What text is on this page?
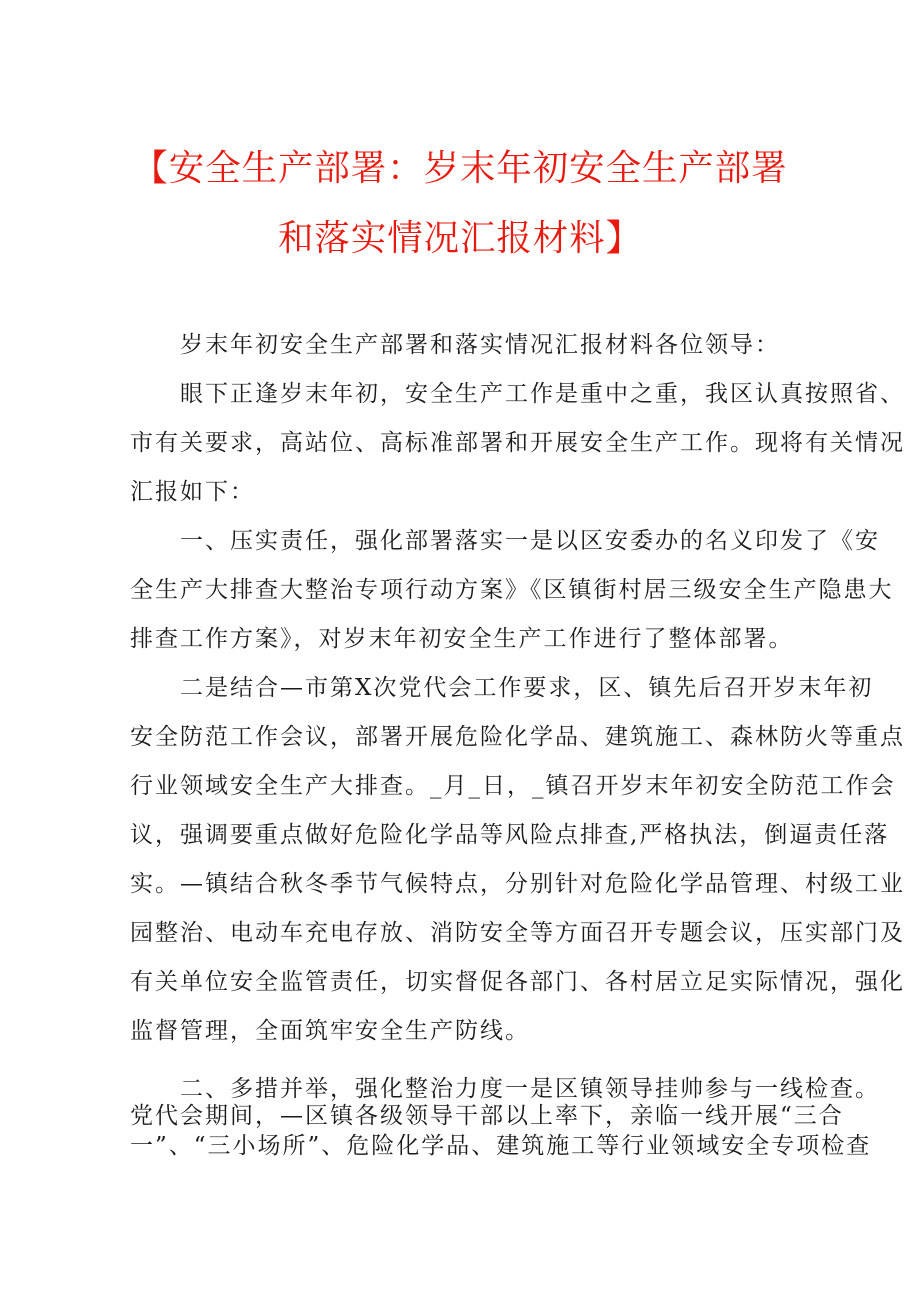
【安全生产部署：岁末年初安全生产部署
和落实情况汇报材料】
岁末年初安全生产部署和落实情况汇报材料各位领导：
眼下正逢岁末年初，安全生产工作是重中之重，我区认真按照省、
市有关要求，高站位、高标准部署和开展安全生产工作。现将有关情况
汇报如下：
一、压实责任，强化部署落实一是以区安委办的名义印发了《安
全生产大排查大整治专项行动方案》《区镇街村居三级安全生产隐患大
排查工作方案》，对岁末年初安全生产工作进行了整体部署。
二是结合—市第X次党代会工作要求，区、镇先后召开岁末年初
安全防范工作会议，部署开展危险化学品、建筑施工、森林防火等重点
行业领域安全生产大排查。_月_日，_镇召开岁末年初安全防范工作会
议，强调要重点做好危险化学品等风险点排查,严格执法，倒逼责任落
实。—镇结合秋冬季节气候特点，分别针对危险化学品管理、村级工业
园整治、电动车充电存放、消防安全等方面召开专题会议，压实部门及
有关单位安全监管责任，切实督促各部门、各村居立足实际情况，强化
监督管理，全面筑牢安全生产防线。
二、多措并举，强化整治力度一是区镇领导挂帅参与一线检查。
党代会期间，—区镇各级领导干部以上率下，亲临一线开展“三合
一”、“三小场所”、危险化学品、建筑施工等行业领域安全专项检查
